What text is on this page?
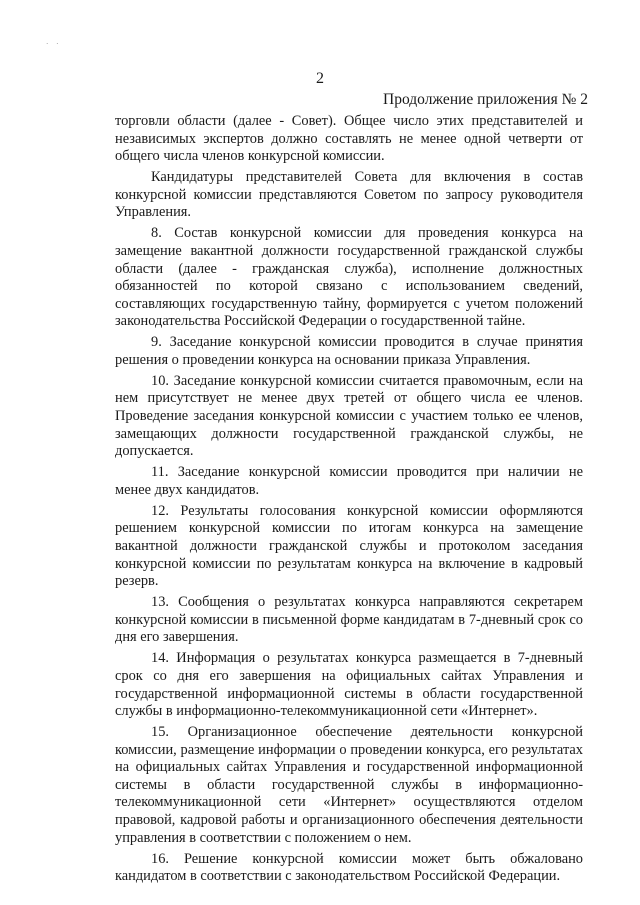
· ·
2
Продолжение приложения № 2

торговли области (далее - Совет). Общее число этих представителей и независимых экспертов должно составлять не менее одной четверти от общего числа членов конкурсной комиссии.

Кандидатуры представителей Совета для включения в состав конкурсной комиссии представляются Советом по запросу руководителя Управления.

8. Состав конкурсной комиссии для проведения конкурса на замещение вакантной должности государственной гражданской службы области (далее - гражданская служба), исполнение должностных обязанностей по которой связано с использованием сведений, составляющих государственную тайну, формируется с учетом положений законодательства Российской Федерации о государственной тайне.

9. Заседание конкурсной комиссии проводится в случае принятия решения о проведении конкурса на основании приказа Управления.

10. Заседание конкурсной комиссии считается правомочным, если на нем присутствует не менее двух третей от общего числа ее членов. Проведение заседания конкурсной комиссии с участием только ее членов, замещающих должности государственной гражданской службы, не допускается.

11. Заседание конкурсной комиссии проводится при наличии не менее двух кандидатов.

12. Результаты голосования конкурсной комиссии оформляются решением конкурсной комиссии по итогам конкурса на замещение вакантной должности гражданской службы и протоколом заседания конкурсной комиссии по результатам конкурса на включение в кадровый резерв.

13. Сообщения о результатах конкурса направляются секретарем конкурсной комиссии в письменной форме кандидатам в 7-дневный срок со дня его завершения.

14. Информация о результатах конкурса размещается в 7-дневный срок со дня его завершения на официальных сайтах Управления и государственной информационной системы в области государственной службы в информационно-телекоммуникационной сети «Интернет».

15. Организационное обеспечение деятельности конкурсной комиссии, размещение информации о проведении конкурса, его результатах на официальных сайтах Управления и государственной информационной системы в области государственной службы в информационно-телекоммуникационной сети «Интернет» осуществляются отделом правовой, кадровой работы и организационного обеспечения деятельности управления в соответствии с положением о нем.

16. Решение конкурсной комиссии может быть обжаловано кандидатом в соответствии с законодательством Российской Федерации.
